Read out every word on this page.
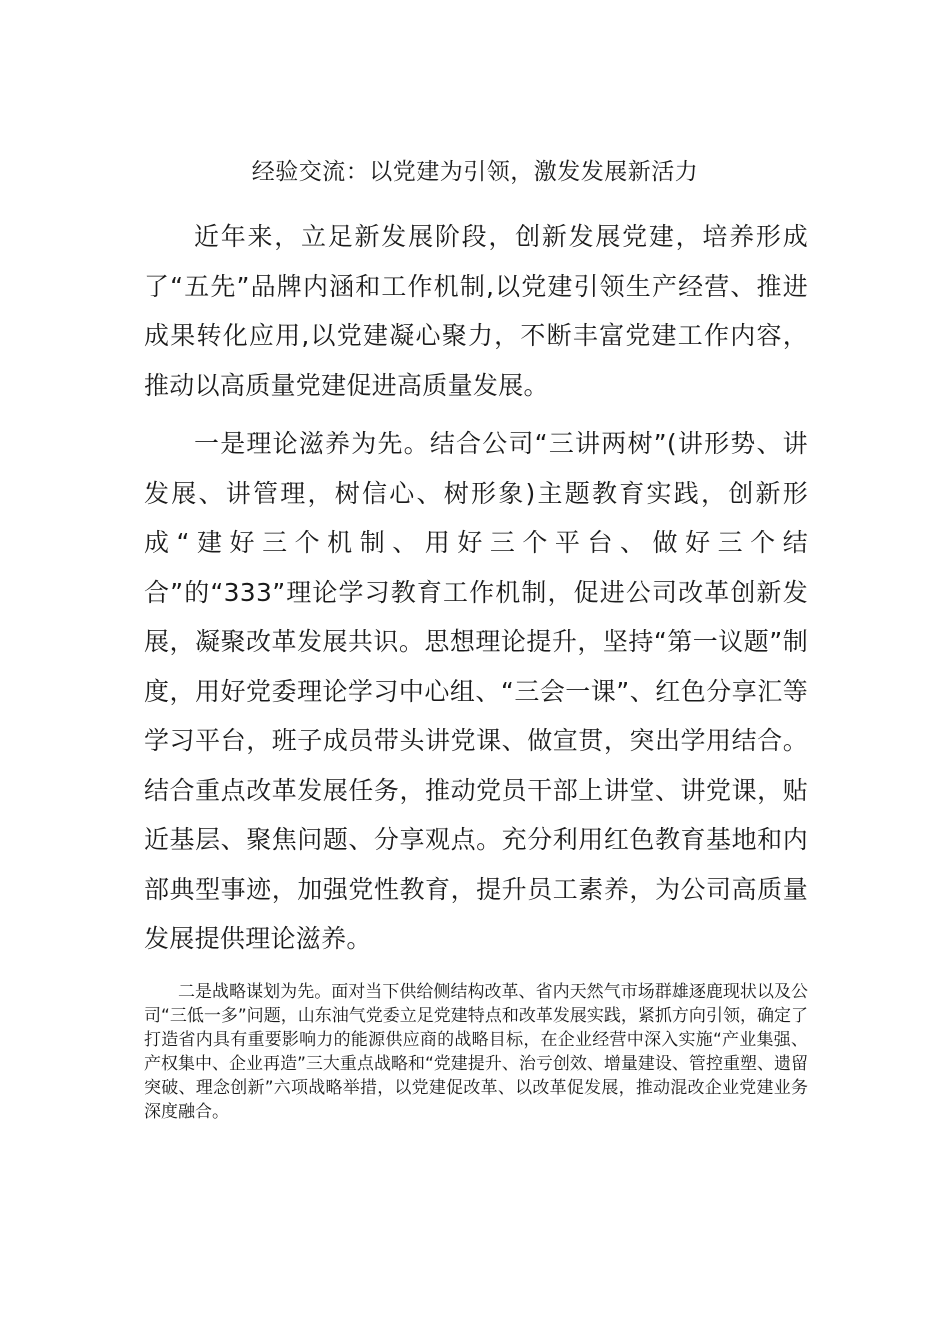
经验交流：以党建为引领，激发发展新活力

近年来，立足新发展阶段，创新发展党建，培养形成了“五先”品牌内涵和工作机制,以党建引领生产经营、推进成果转化应用,以党建凝心聚力，不断丰富党建工作内容，推动以高质量党建促进高质量发展。

一是理论滋养为先。结合公司“三讲两树”(讲形势、讲发展、讲管理，树信心、树形象)主题教育实践，创新形成“建好三个机制、用好三个平台、做好三个结合”的“333”理论学习教育工作机制，促进公司改革创新发展，凝聚改革发展共识。思想理论提升，坚持“第一议题”制度，用好党委理论学习中心组、“三会一课”、红色分享汇等学习平台，班子成员带头讲党课、做宣贯，突出学用结合。结合重点改革发展任务，推动党员干部上讲堂、讲党课，贴近基层、聚焦问题、分享观点。充分利用红色教育基地和内部典型事迹，加强党性教育，提升员工素养，为公司高质量发展提供理论滋养。

二是战略谋划为先。面对当下供给侧结构改革、省内天然气市场群雄逐鹿现状以及公司“三低一多”问题，山东油气党委立足党建特点和改革发展实践，紧抓方向引领，确定了打造省内具有重要影响力的能源供应商的战略目标，在企业经营中深入实施“产业集强、产权集中、企业再造”三大重点战略和“党建提升、治亏创效、增量建设、管控重塑、遗留突破、理念创新”六项战略举措，以党建促改革、以改革促发展，推动混改企业党建业务深度融合。
